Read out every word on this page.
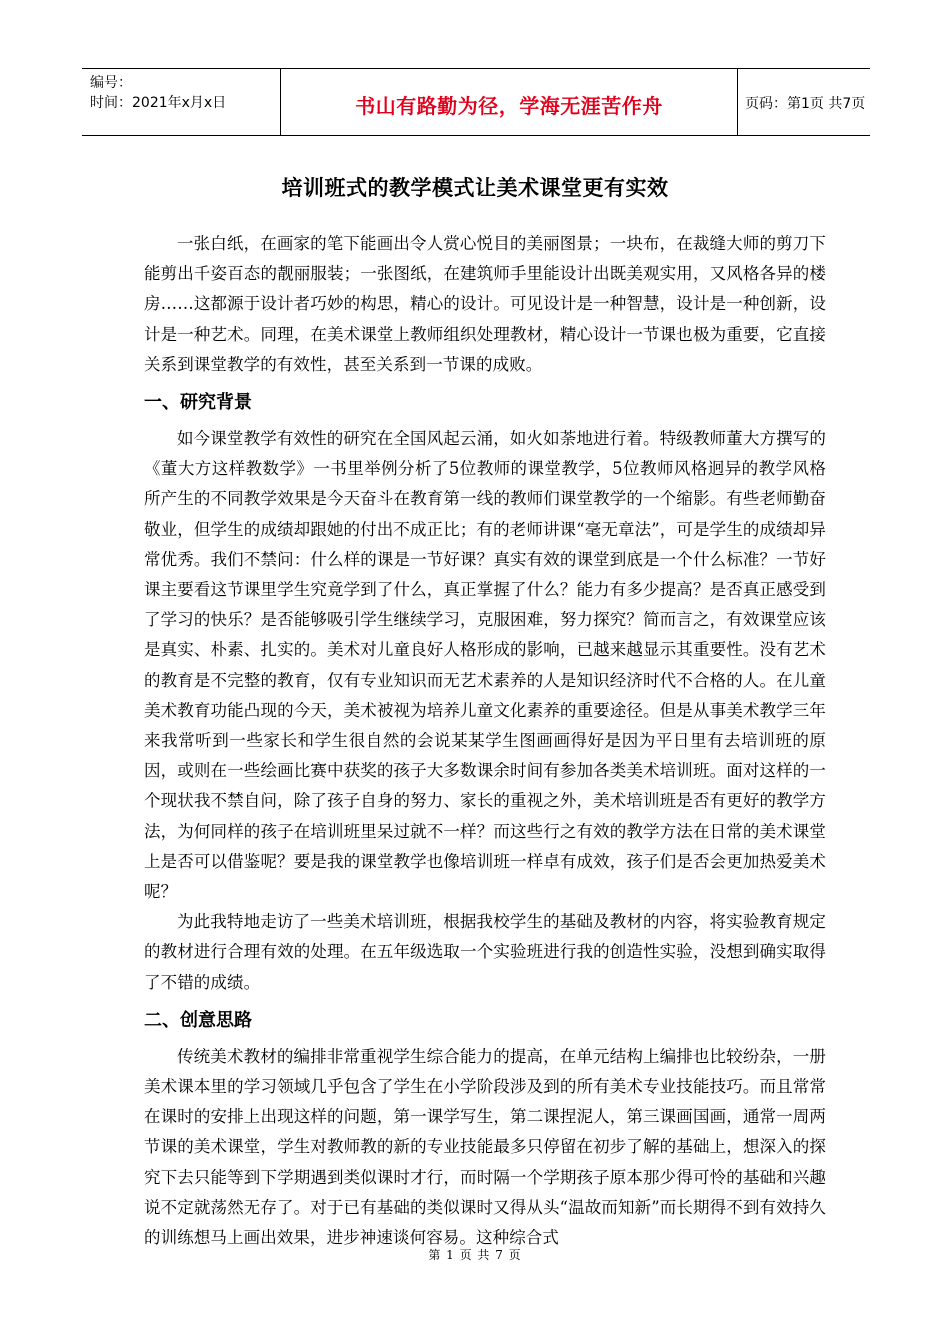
编号：
时间：2021年x月x日	书山有路勤为径，学海无涯苦作舟	页码：第1页 共7页
培训班式的教学模式让美术课堂更有实效

一张白纸，在画家的笔下能画出令人赏心悦目的美丽图景；一块布，在裁缝大师的剪刀下能剪出千姿百态的靓丽服装；一张图纸，在建筑师手里能设计出既美观实用，又风格各异的楼房……这都源于设计者巧妙的构思，精心的设计。可见设计是一种智慧，设计是一种创新，设计是一种艺术。同理，在美术课堂上教师组织处理教材，精心设计一节课也极为重要，它直接关系到课堂教学的有效性，甚至关系到一节课的成败。

一、研究背景

如今课堂教学有效性的研究在全国风起云涌，如火如荼地进行着。特级教师董大方撰写的《董大方这样教数学》一书里举例分析了5位教师的课堂教学，5位教师风格迥异的教学风格所产生的不同教学效果是今天奋斗在教育第一线的教师们课堂教学的一个缩影。有些老师勤奋敬业，但学生的成绩却跟她的付出不成正比；有的老师讲课“毫无章法”，可是学生的成绩却异常优秀。我们不禁问：什么样的课是一节好课？真实有效的课堂到底是一个什么标准？一节好课主要看这节课里学生究竟学到了什么，真正掌握了什么？能力有多少提高？是否真正感受到了学习的快乐？是否能够吸引学生继续学习，克服困难，努力探究？简而言之，有效课堂应该是真实、朴素、扎实的。美术对儿童良好人格形成的影响，已越来越显示其重要性。没有艺术的教育是不完整的教育，仅有专业知识而无艺术素养的人是知识经济时代不合格的人。在儿童美术教育功能凸现的今天，美术被视为培养儿童文化素养的重要途径。但是从事美术教学三年来我常听到一些家长和学生很自然的会说某某学生图画画得好是因为平日里有去培训班的原因，或则在一些绘画比赛中获奖的孩子大多数课余时间有参加各类美术培训班。面对这样的一个现状我不禁自问，除了孩子自身的努力、家长的重视之外，美术培训班是否有更好的教学方法，为何同样的孩子在培训班里呆过就不一样？而这些行之有效的教学方法在日常的美术课堂上是否可以借鉴呢？要是我的课堂教学也像培训班一样卓有成效，孩子们是否会更加热爱美术呢？

为此我特地走访了一些美术培训班，根据我校学生的基础及教材的内容，将实验教育规定的教材进行合理有效的处理。在五年级选取一个实验班进行我的创造性实验，没想到确实取得了不错的成绩。

二、创意思路

传统美术教材的编排非常重视学生综合能力的提高，在单元结构上编排也比较纷杂，一册美术课本里的学习领域几乎包含了学生在小学阶段涉及到的所有美术专业技能技巧。而且常常在课时的安排上出现这样的问题，第一课学写生，第二课捏泥人，第三课画国画，通常一周两节课的美术课堂，学生对教师教的新的专业技能最多只停留在初步了解的基础上，想深入的探究下去只能等到下学期遇到类似课时才行，而时隔一个学期孩子原本那少得可怜的基础和兴趣说不定就荡然无存了。对于已有基础的类似课时又得从头“温故而知新”而长期得不到有效持久的训练想马上画出效果，进步神速谈何容易。这种综合式

第 1 页 共 7 页
